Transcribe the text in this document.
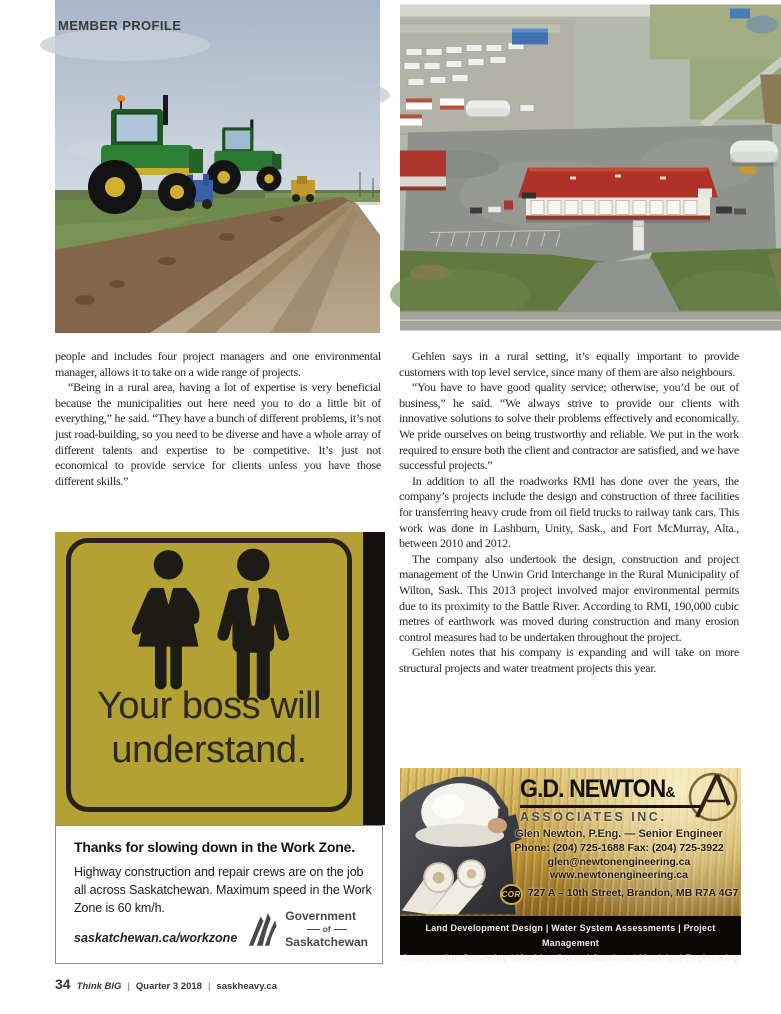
MEMBER PROFILE

people and includes four project managers and one environmental manager, allows it to take on a wide range of projects.

“Being in a rural area, having a lot of expertise is very beneficial because the municipalities out here need you to do a little bit of everything,” he said. “They have a bunch of different problems, it’s not just road-building, so you need to be diverse and have a whole array of different talents and expertise to be competitive. It’s just not economical to provide service for clients unless you have those different skills.”

Gehlen says in a rural setting, it’s equally important to provide customers with top level service, since many of them are also neighbours.

“You have to have good quality service; otherwise, you’d be out of business,” he said. “We always strive to provide our clients with innovative solutions to solve their problems effectively and economically. We pride ourselves on being trustworthy and reliable. We put in the work required to ensure both the client and contractor are satisfied, and we have successful projects.”

In addition to all the roadworks RMI has done over the years, the company’s projects include the design and construction of three facilities for transferring heavy crude from oil field trucks to railway tank cars. This work was done in Lashburn, Unity, Sask., and Fort McMurray, Alta., between 2010 and 2012.

The company also undertook the design, construction and project management of the Unwin Grid Interchange in the Rural Municipality of Wilton, Sask. This 2013 project involved major environmental permits due to its proximity to the Battle River. According to RMI, 190,000 cubic metres of earthwork was moved during construction and many erosion control measures had to be undertaken throughout the project.

Gehlen notes that his company is expanding and will take on more structural projects and water treatment projects this year.

Your boss will
understand.
Thanks for slowing down in the Work Zone.
Highway construction and repair crews are on the job all across Saskatchewan. Maximum speed in the Work Zone is 60 km/h.
saskatchewan.ca/workzone
Government
of
Saskatchewan
G.D. NEWTON&
ASSOCIATES INC.
Glen Newton, P.Eng. — Senior Engineer
Phone: (204) 725-1688 Fax: (204) 725-3922
glen@newtonengineering.ca
www.newtonengineering.ca
COR 727 A – 10th Street, Brandon, MB R7A 4G7
Land Development Design | Water System Assessments | Project Management
Construction Surveying | Machine Control Services | Municipal Engineering
34 Think BIG | Quarter 3 2018 | saskheavy.ca
